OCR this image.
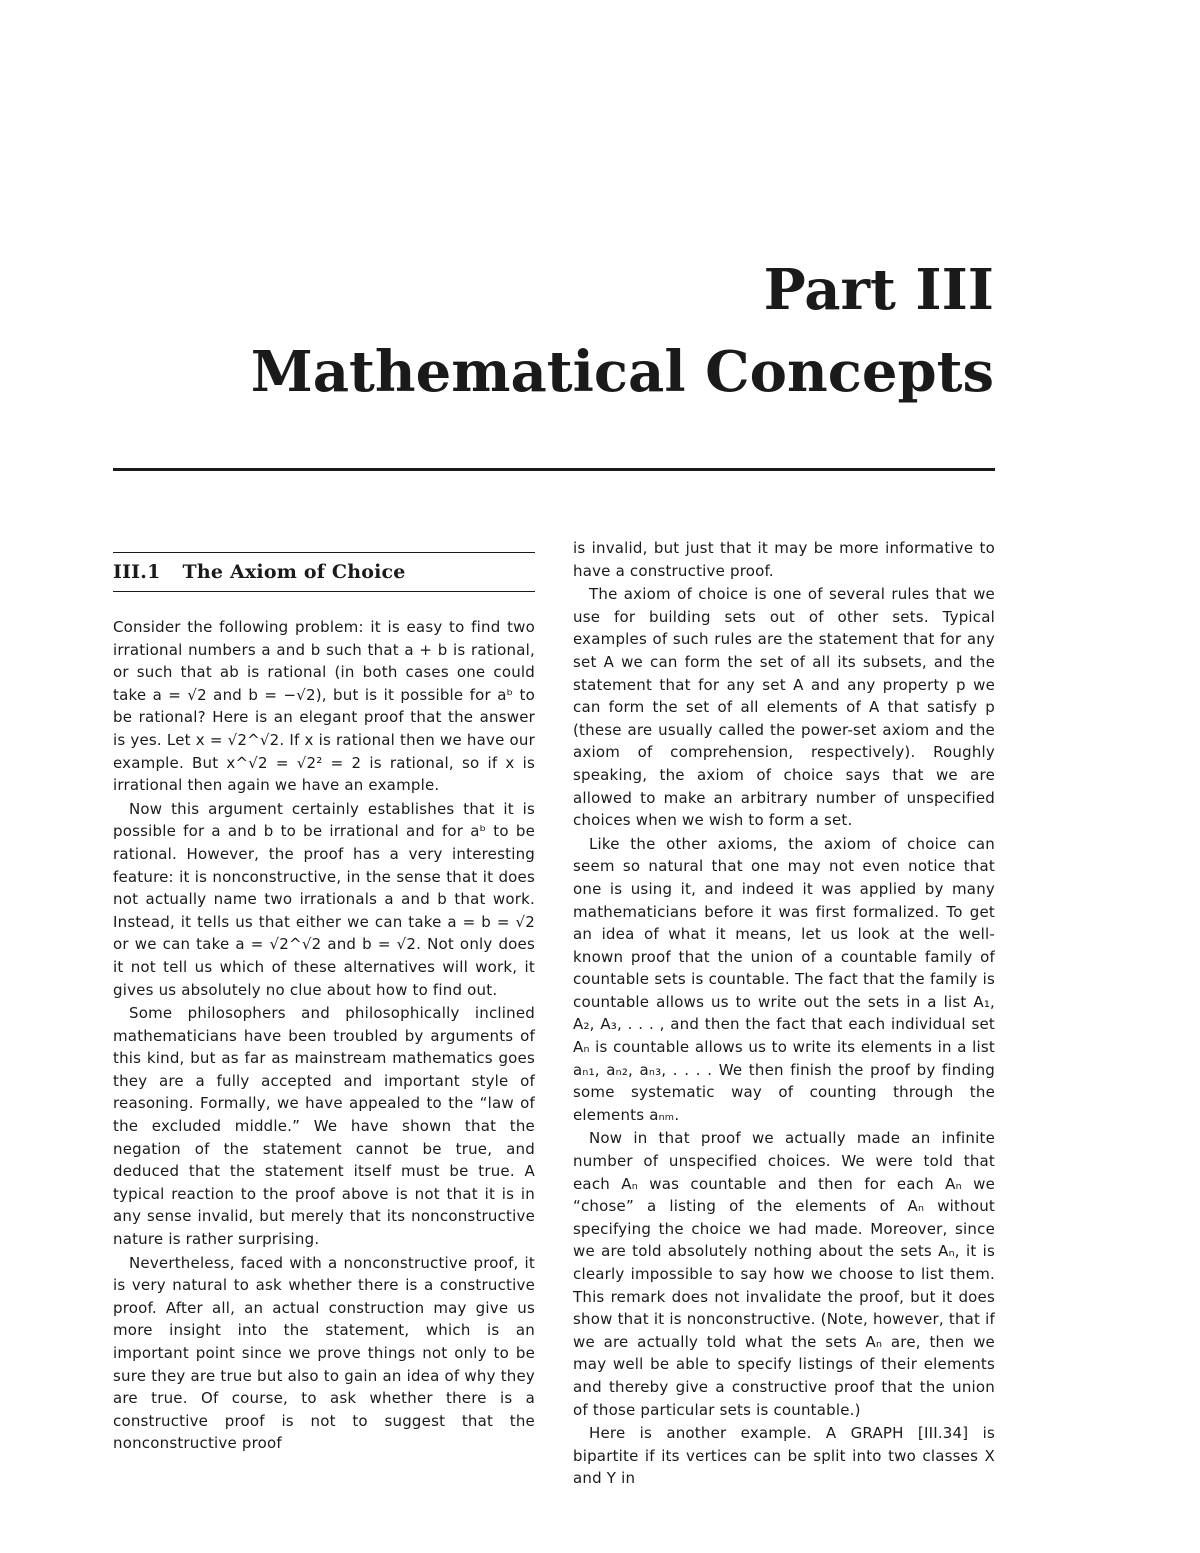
Part III
Mathematical Concepts
III.1 The Axiom of Choice

Consider the following problem: it is easy to find two irrational numbers a and b such that a + b is rational, or such that ab is rational (in both cases one could take a = √2 and b = −√2), but is it possible for aᵇ to be rational? Here is an elegant proof that the answer is yes. Let x = √2^√2. If x is rational then we have our example. But x^√2 = √2² = 2 is rational, so if x is irrational then again we have an example.

Now this argument certainly establishes that it is possible for a and b to be irrational and for aᵇ to be rational. However, the proof has a very interesting feature: it is nonconstructive, in the sense that it does not actually name two irrationals a and b that work. Instead, it tells us that either we can take a = b = √2 or we can take a = √2^√2 and b = √2. Not only does it not tell us which of these alternatives will work, it gives us absolutely no clue about how to find out.

Some philosophers and philosophically inclined mathematicians have been troubled by arguments of this kind, but as far as mainstream mathematics goes they are a fully accepted and important style of reasoning. Formally, we have appealed to the “law of the excluded middle.” We have shown that the negation of the statement cannot be true, and deduced that the statement itself must be true. A typical reaction to the proof above is not that it is in any sense invalid, but merely that its nonconstructive nature is rather surprising.

Nevertheless, faced with a nonconstructive proof, it is very natural to ask whether there is a constructive proof. After all, an actual construction may give us more insight into the statement, which is an important point since we prove things not only to be sure they are true but also to gain an idea of why they are true. Of course, to ask whether there is a constructive proof is not to suggest that the nonconstructive proof

is invalid, but just that it may be more informative to have a constructive proof.

The axiom of choice is one of several rules that we use for building sets out of other sets. Typical examples of such rules are the statement that for any set A we can form the set of all its subsets, and the statement that for any set A and any property p we can form the set of all elements of A that satisfy p (these are usually called the power-set axiom and the axiom of comprehension, respectively). Roughly speaking, the axiom of choice says that we are allowed to make an arbitrary number of unspecified choices when we wish to form a set.

Like the other axioms, the axiom of choice can seem so natural that one may not even notice that one is using it, and indeed it was applied by many mathematicians before it was first formalized. To get an idea of what it means, let us look at the well-known proof that the union of a countable family of countable sets is countable. The fact that the family is countable allows us to write out the sets in a list A₁, A₂, A₃, . . . , and then the fact that each individual set Aₙ is countable allows us to write its elements in a list aₙ₁, aₙ₂, aₙ₃, . . . . We then finish the proof by finding some systematic way of counting through the elements aₙₘ.

Now in that proof we actually made an infinite number of unspecified choices. We were told that each Aₙ was countable and then for each Aₙ we “chose” a listing of the elements of Aₙ without specifying the choice we had made. Moreover, since we are told absolutely nothing about the sets Aₙ, it is clearly impossible to say how we choose to list them. This remark does not invalidate the proof, but it does show that it is nonconstructive. (Note, however, that if we are actually told what the sets Aₙ are, then we may well be able to specify listings of their elements and thereby give a constructive proof that the union of those particular sets is countable.)

Here is another example. A GRAPH [III.34] is bipartite if its vertices can be split into two classes X and Y in
